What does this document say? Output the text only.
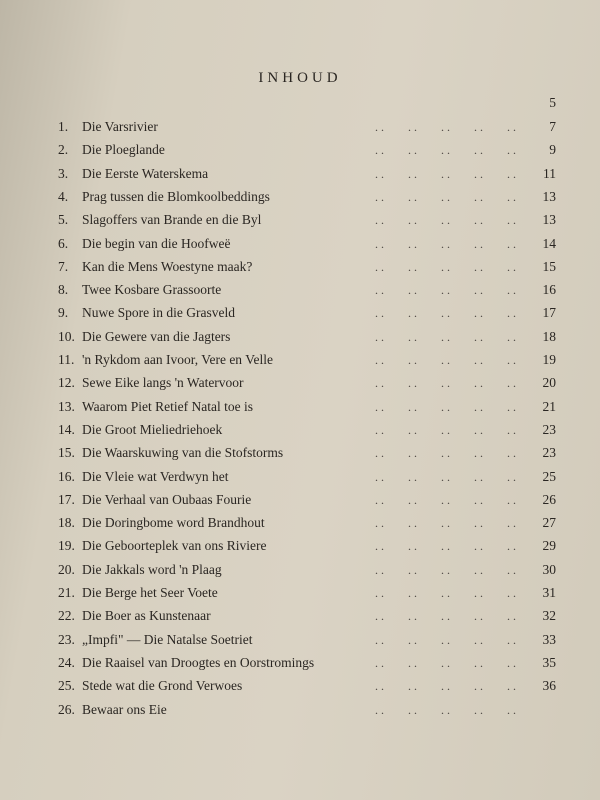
INHOUD
5
1.	Die Varsrivier	. .  . .  . .  . .  . .	7
2.	Die Ploeglande	. .  . .  . .  . .  . .	9
3.	Die Eerste Waterskema	. .  . .  . .  . .  . .	11
4.	Prag tussen die Blomkoolbeddings	. .  . .  . .  . .  . .	13
5.	Slagoffers van Brande en die Byl	. .  . .  . .  . .  . .	13
6.	Die begin van die Hoofweë	. .  . .  . .  . .  . .	14
7.	Kan die Mens Woestyne maak?	. .  . .  . .  . .  . .	15
8.	Twee Kosbare Grassoorte	. .  . .  . .  . .  . .	16
9.	Nuwe Spore in die Grasveld	. .  . .  . .  . .  . .	17
10. Die Gewere van die Jagters	. .  . .  . .  . .  . .	18
11. 'n Rykdom aan Ivoor, Vere en Velle	. .  . .  . .  . .  . .	19
12. Sewe Eike langs 'n Watervoor	. .  . .  . .  . .  . .	20
13. Waarom Piet Retief Natal toe is	. .  . .  . .  . .  . .	21
14. Die Groot Mieliedriehoek	. .  . .  . .  . .  . .	23
15. Die Waarskuwing van die Stofstorms	. .  . .  . .  . .  . .	23
16. Die Vleie wat Verdwyn het	. .  . .  . .  . .  . .	25
17. Die Verhaal van Oubaas Fourie	. .  . .  . .  . .  . .	26
18. Die Doringbome word Brandhout	. .  . .  . .  . .  . .	27
19. Die Geboorteplek van ons Riviere	. .  . .  . .  . .  . .	29
20. Die Jakkals word 'n Plaag	. .  . .  . .  . .  . .	30
21. Die Berge het Seer Voete	. .  . .  . .  . .  . .	31
22. Die Boer as Kunstenaar	. .  . .  . .  . .  . .	32
23. „Impfi" — Die Natalse Soetriet	. .  . .  . .  . .  . .	33
24. Die Raaisel van Droogtes en Oorstromings	. .  . .  . .  . .  . .	35
25. Stede wat die Grond Verwoes	. .  . .  . .  . .  . .	36
26. Bewaar ons Eie	. .  . .  . .  . .  . .
